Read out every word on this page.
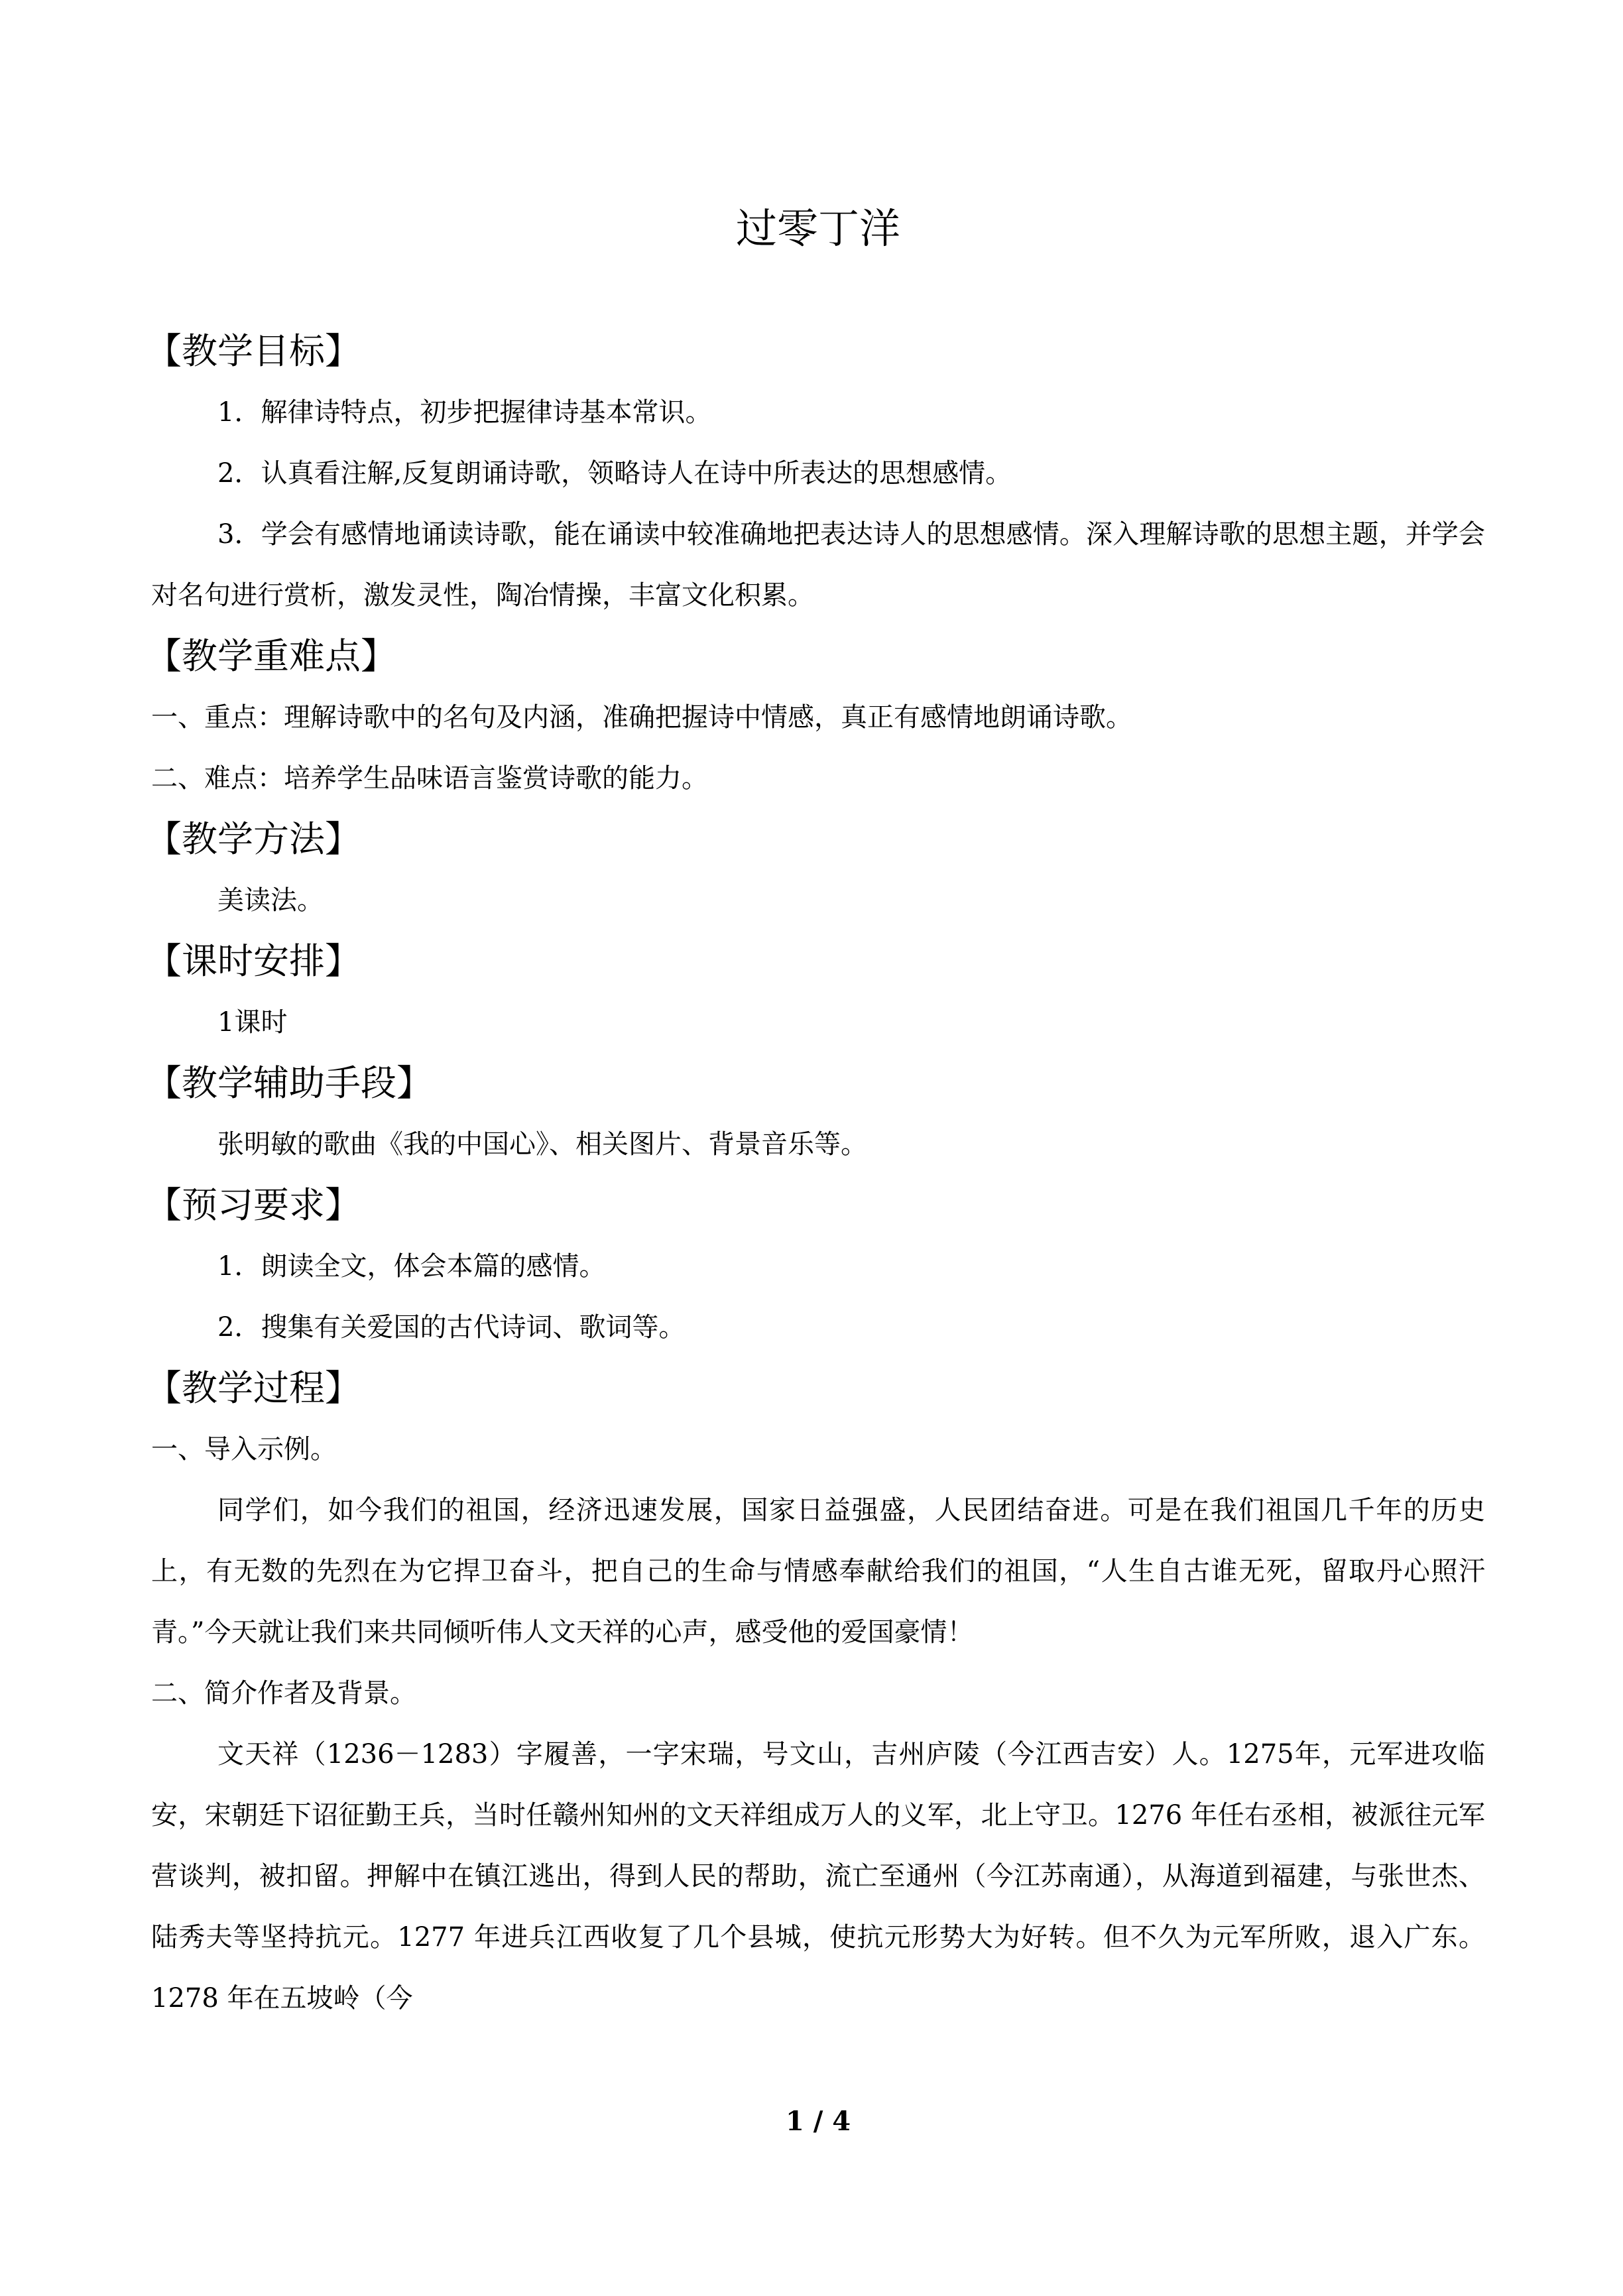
过零丁洋
【教学目标】

1．解律诗特点，初步把握律诗基本常识。

2．认真看注解,反复朗诵诗歌，领略诗人在诗中所表达的思想感情。

3．学会有感情地诵读诗歌，能在诵读中较准确地把表达诗人的思想感情。深入理解诗歌的思想主题，并学会对名句进行赏析，激发灵性，陶冶情操，丰富文化积累。

【教学重难点】

一、重点：理解诗歌中的名句及内涵，准确把握诗中情感，真正有感情地朗诵诗歌。

二、难点：培养学生品味语言鉴赏诗歌的能力。

【教学方法】

美读法。

【课时安排】

1课时

【教学辅助手段】

张明敏的歌曲《我的中国心》、相关图片、背景音乐等。

【预习要求】

1．朗读全文，体会本篇的感情。

2．搜集有关爱国的古代诗词、歌词等。

【教学过程】

一、导入示例。

同学们，如今我们的祖国，经济迅速发展，国家日益强盛，人民团结奋进。可是在我们祖国几千年的历史上，有无数的先烈在为它捍卫奋斗，把自己的生命与情感奉献给我们的祖国，“人生自古谁无死，留取丹心照汗青。”今天就让我们来共同倾听伟人文天祥的心声，感受他的爱国豪情！

二、简介作者及背景。

文天祥（1236－1283）字履善，一字宋瑞，号文山，吉州庐陵（今江西吉安）人。1275年，元军进攻临安，宋朝廷下诏征勤王兵，当时任赣州知州的文天祥组成万人的义军，北上守卫。1276 年任右丞相，被派往元军营谈判，被扣留。押解中在镇江逃出，得到人民的帮助，流亡至通州（今江苏南通），从海道到福建，与张世杰、陆秀夫等坚持抗元。1277 年进兵江西收复了几个县城，使抗元形势大为好转。但不久为元军所败，退入广东。1278 年在五坡岭（今

1 / 4
